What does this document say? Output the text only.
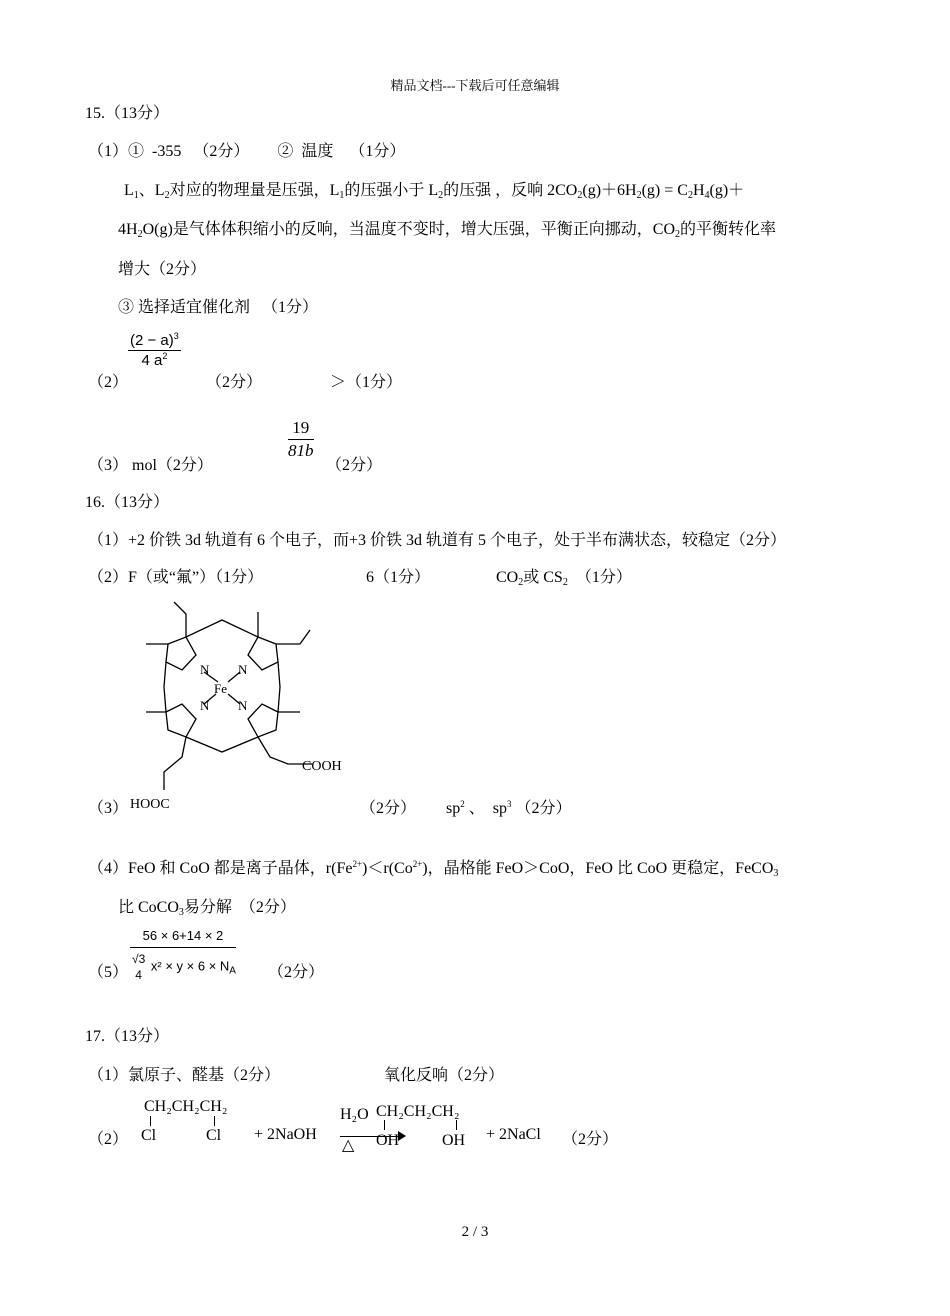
精品文档---下载后可任意编辑
2 / 3
15.（13分）
（1）①  -355   （2分）       ②  温度    （1分）
$L_1$、$L_2$对应的物理量是压强，$L_1$的压强小于 $L_2$的压强 ，反响 $2CO_2(g)+6H_2(g) = C_2H_4(g)+$
$4H_2O(g)$是气体体积缩小的反响，当温度不变时，增大压强，平衡正向挪动，$CO_2$的平衡转化率
增大（2分）
③ 选择适宜催化剂   （1分）
（2）
$\frac{(2 - a)^3}{4 a^2}$
（2分）	＞（1分）
（3） mol（2分）
$\frac{19}{81b}$
（2分）
16.（13分）
（1）+2 价铁 3d 轨道有 6 个电子，而+3 价铁 3d 轨道有 5 个电子，处于半布满状态，较稳定（2分）
（2）F（或“氟”）（1分）	6（1分）	$CO_2$或 $CS_2$  （1分）
N N
N N
Fe
COOH
HOOC
（3）	（2分） $sp^2$ 、  $sp^3$ （2分）
（4）FeO 和 CoO 都是离子晶体，$r(Fe^{2+})<r(Co^{2+})$，晶格能 FeO＞CoO，FeO 比 CoO 更稳定，FeCO$_3$
比 CoCO$_3$易分解  （2分）
（5） 56 × 6+14 × 2
√3
4
$x^2 \times y \times 6 \times N_A$ （2分）
17.（13分）
（1）氯原子、醛基（2分）	氧化反响（2分）
（2）
CH₂CH₂CH₂
Cl	Cl + 2NaOH
H₂O
△
CH₂CH₂CH₂
OH	OH + 2NaCl （2分）
